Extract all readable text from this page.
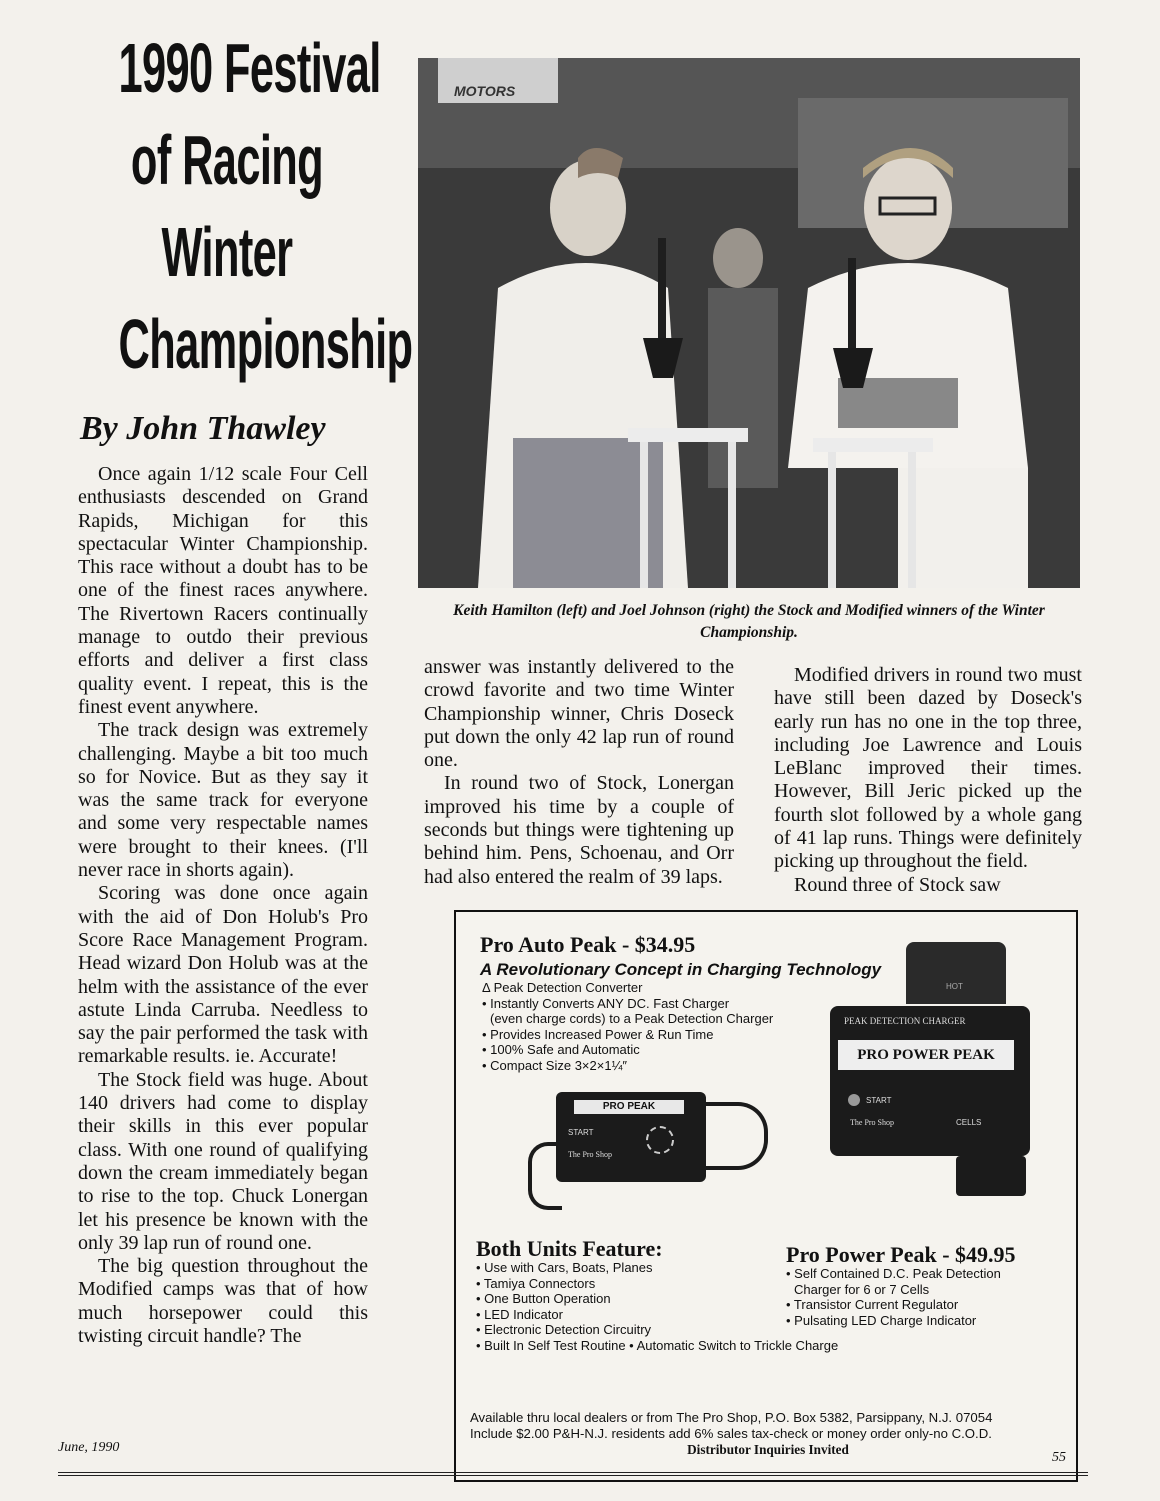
1990 Festival
of Racing
Winter
Championship
By John Thawley

Once again 1/12 scale Four Cell enthusiasts descended on Grand Rapids, Michigan for this spectacular Winter Championship. This race without a doubt has to be one of the finest races anywhere. The Rivertown Racers continually manage to outdo their previous efforts and deliver a first class quality event. I repeat, this is the finest event anywhere.

The track design was extremely challenging. Maybe a bit too much so for Novice. But as they say it was the same track for everyone and some very respectable names were brought to their knees. (I'll never race in shorts again).

Scoring was done once again with the aid of Don Holub's Pro Score Race Management Program. Head wizard Don Holub was at the helm with the assistance of the ever astute Linda Carruba. Needless to say the pair performed the task with remarkable results. ie. Accurate!

The Stock field was huge. About 140 drivers had come to display their skills in this ever popular class. With one round of qualifying down the cream immediately began to rise to the top. Chuck Lonergan let his presence be known with the only 39 lap run of round one.

The big question throughout the Modified camps was that of how much horsepower could this twisting circuit handle? The

MOTORS
Keith Hamilton (left) and Joel Johnson (right) the Stock and Modified winners of the Winter Championship.

answer was instantly delivered to the crowd favorite and two time Winter Championship winner, Chris Doseck put down the only 42 lap run of round one.

In round two of Stock, Lonergan improved his time by a couple of seconds but things were tightening up behind him. Pens, Schoenau, and Orr had also entered the realm of 39 laps.

Modified drivers in round two must have still been dazed by Doseck's early run has no one in the top three, including Joe Lawrence and Louis LeBlanc improved their times. However, Bill Jeric picked up the fourth slot followed by a whole gang of 41 lap runs. Things were definitely picking up throughout the field.

Round three of Stock saw

Pro Auto Peak - $34.95
A Revolutionary Concept in Charging Technology
Δ Peak Detection Converter
• Instantly Converts ANY DC. Fast Charger
(even charge cords) to a Peak Detection Charger
• Provides Increased Power & Run Time
• 100% Safe and Automatic
• Compact Size 3×2×1¼″
PRO PEAK
START
The Pro Shop
PEAK DETECTION CHARGER
PRO POWER PEAK
START
The Pro Shop	CELLS
HOT
Both Units Feature:
• Use with Cars, Boats, Planes
• Tamiya Connectors
• One Button Operation
• LED Indicator
• Electronic Detection Circuitry
• Built In Self Test Routine • Automatic Switch to Trickle Charge
Pro Power Peak - $49.95
• Self Contained D.C. Peak Detection
Charger for 6 or 7 Cells
• Transistor Current Regulator
• Pulsating LED Charge Indicator
Available thru local dealers or from The Pro Shop, P.O. Box 5382, Parsippany, N.J. 07054
Include $2.00 P&H-N.J. residents add 6% sales tax-check or money order only-no C.O.D.
Distributor Inquiries Invited
June, 1990
55
